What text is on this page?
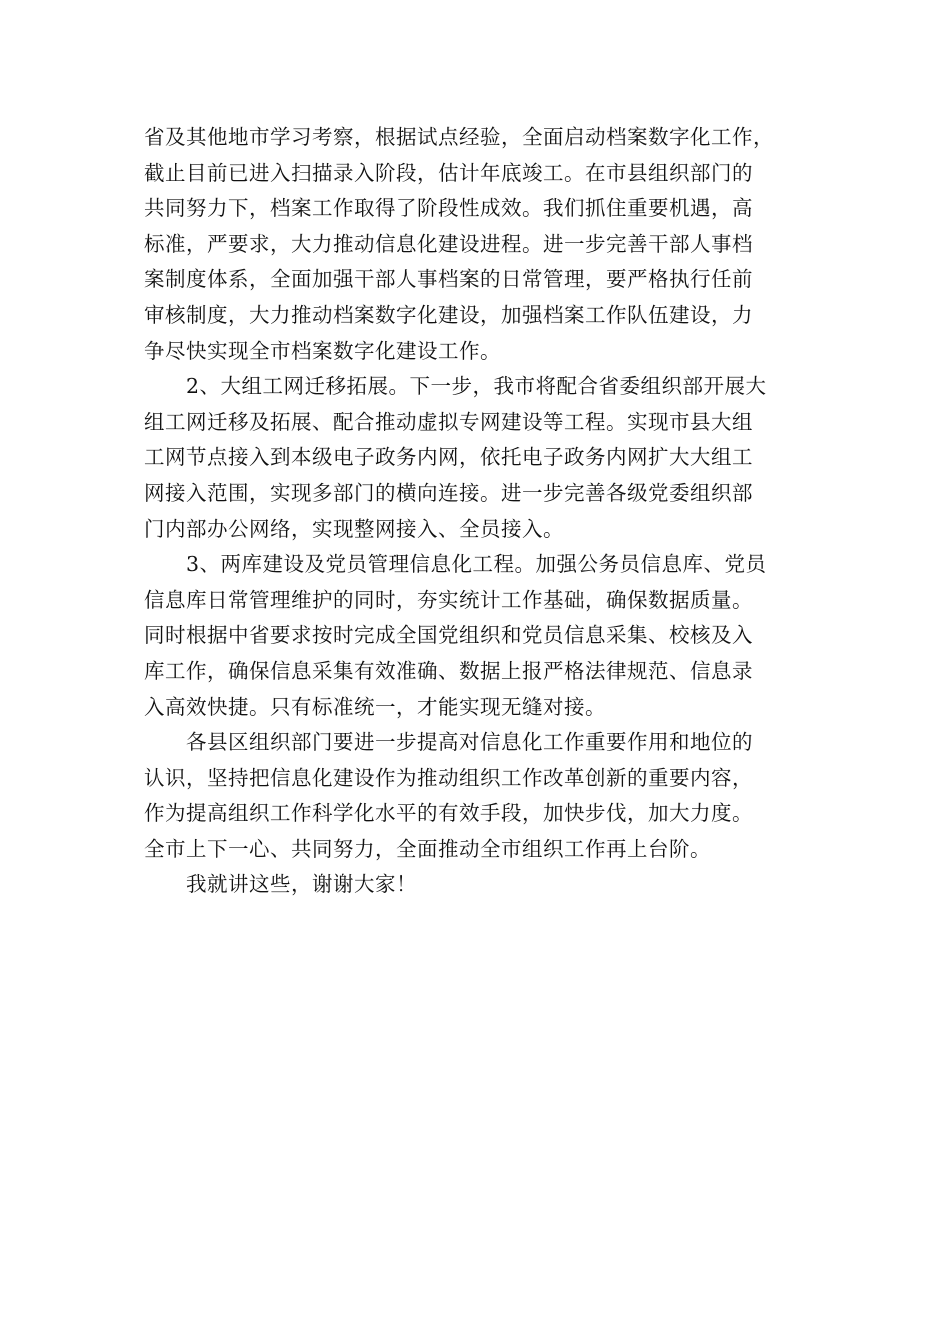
省及其他地市学习考察，根据试点经验，全面启动档案数字化工作，
截止目前已进入扫描录入阶段，估计年底竣工。在市县组织部门的
共同努力下，档案工作取得了阶段性成效。我们抓住重要机遇，高
标准，严要求，大力推动信息化建设进程。进一步完善干部人事档
案制度体系，全面加强干部人事档案的日常管理，要严格执行任前
审核制度，大力推动档案数字化建设，加强档案工作队伍建设，力
争尽快实现全市档案数字化建设工作。

2、大组工网迁移拓展。下一步，我市将配合省委组织部开展大
组工网迁移及拓展、配合推动虚拟专网建设等工程。实现市县大组
工网节点接入到本级电子政务内网，依托电子政务内网扩大大组工
网接入范围，实现多部门的横向连接。进一步完善各级党委组织部
门内部办公网络，实现整网接入、全员接入。

3、两库建设及党员管理信息化工程。加强公务员信息库、党员
信息库日常管理维护的同时，夯实统计工作基础，确保数据质量。
同时根据中省要求按时完成全国党组织和党员信息采集、校核及入
库工作，确保信息采集有效准确、数据上报严格法律规范、信息录
入高效快捷。只有标准统一，才能实现无缝对接。

各县区组织部门要进一步提高对信息化工作重要作用和地位的
认识，坚持把信息化建设作为推动组织工作改革创新的重要内容，
作为提高组织工作科学化水平的有效手段，加快步伐，加大力度。
全市上下一心、共同努力，全面推动全市组织工作再上台阶。

我就讲这些，谢谢大家！
